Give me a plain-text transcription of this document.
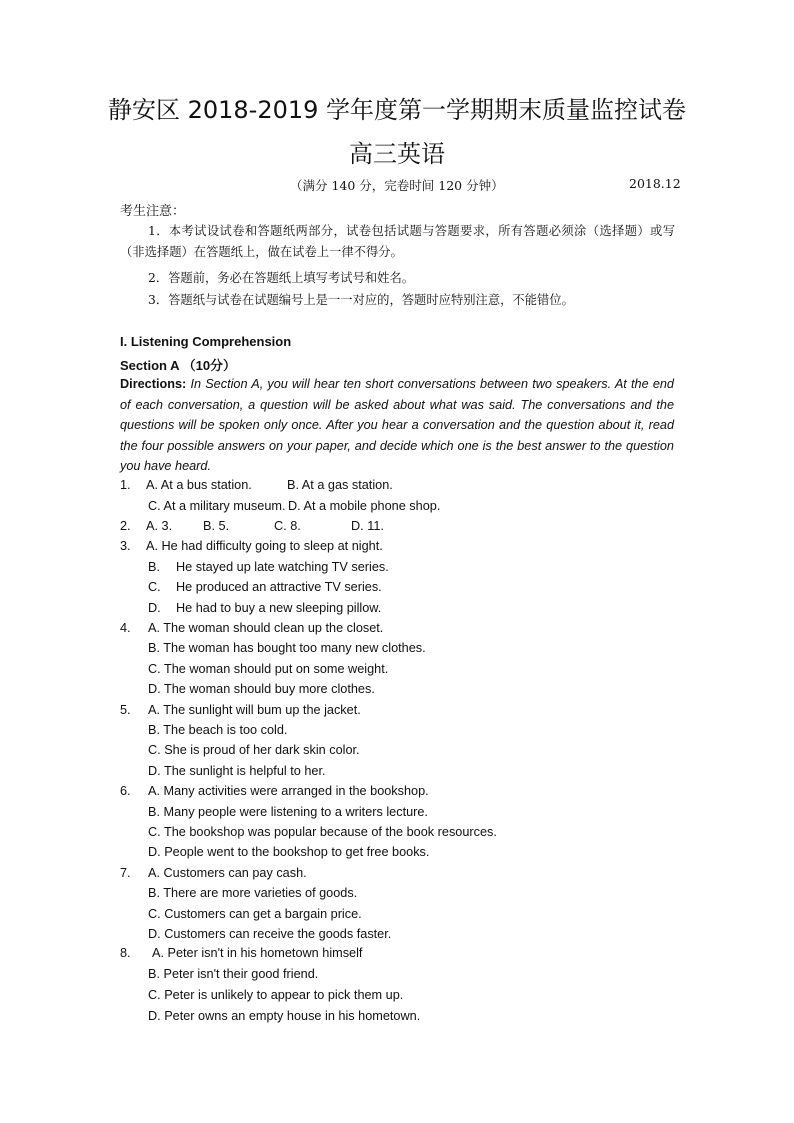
静安区 2018-2019 学年度第一学期期末质量监控试卷
高三英语
（满分 140 分，完卷时间 120 分钟）	2018.12
考生注意：
1．本考试设试卷和答题纸两部分，试卷包括试题与答题要求，所有答题必须涂（选择题）或写（非选择题）在答题纸上，做在试卷上一律不得分。
2．答题前，务必在答题纸上填写考试号和姓名。
3．答题纸与试卷在试题编号上是一一对应的，答题时应特别注意，不能错位。
I. Listening Comprehension
Section A （10分）
Directions: In Section A, you will hear ten short conversations between two speakers. At the end of each conversation, a question will be asked about what was said. The conversations and the questions will be spoken only once. After you hear a conversation and the question about it, read the four possible answers on your paper, and decide which one is the best answer to the question you have heard.
1. A. At a bus station.	B. At a gas station.
C. At a military museum. D. At a mobile phone shop.
2. A. 3. B. 5.	C. 8.	D. 11.
3. A. He had difficulty going to sleep at night.
B. He stayed up late watching TV series.
C. He produced an attractive TV series.
D. He had to buy a new sleeping pillow.
4. A. The woman should clean up the closet.
B. The woman has bought too many new clothes.
C. The woman should put on some weight.
D. The woman should buy more clothes.
5. A. The sunlight will bum up the jacket.
B. The beach is too cold.
C. She is proud of her dark skin color.
D. The sunlight is helpful to her.
6. A. Many activities were arranged in the bookshop.
B. Many people were listening to a writers lecture.
C. The bookshop was popular because of the book resources.
D. People went to the bookshop to get free books.
7. A. Customers can pay cash.
B. There are more varieties of goods.
C. Customers can get a bargain price.
D. Customers can receive the goods faster.
8. A. Peter isn't in his hometown himself
B. Peter isn't their good friend.
C. Peter is unlikely to appear to pick them up.
D. Peter owns an empty house in his hometown.
